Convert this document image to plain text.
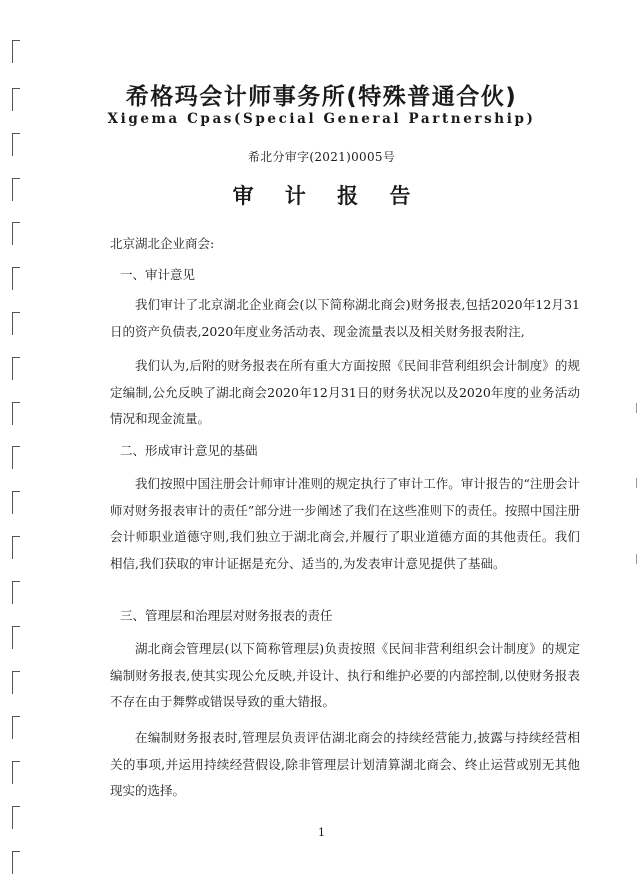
希格玛会计师事务所(特殊普通合伙)
Xigema Cpas(Special General Partnership)
希北分审字(2021)0005号
审 计 报 告
北京湖北企业商会:
一、审计意见

我们审计了北京湖北企业商会(以下简称湖北商会)财务报表,包括2020年12月31日的资产负债表,2020年度业务活动表、现金流量表以及相关财务报表附注,

我们认为,后附的财务报表在所有重大方面按照《民间非营利组织会计制度》的规定编制,公允反映了湖北商会2020年12月31日的财务状况以及2020年度的业务活动情况和现金流量。

二、形成审计意见的基础

我们按照中国注册会计师审计准则的规定执行了审计工作。审计报告的“注册会计师对财务报表审计的责任”部分进一步阐述了我们在这些准则下的责任。按照中国注册会计师职业道德守则,我们独立于湖北商会,并履行了职业道德方面的其他责任。我们相信,我们获取的审计证据是充分、适当的,为发表审计意见提供了基础。

三、管理层和治理层对财务报表的责任

湖北商会管理层(以下简称管理层)负责按照《民间非营利组织会计制度》的规定编制财务报表,使其实现公允反映,并设计、执行和维护必要的内部控制,以使财务报表不存在由于舞弊或错误导致的重大错报。

在编制财务报表时,管理层负责评估湖北商会的持续经营能力,披露与持续经营相关的事项,并运用持续经营假设,除非管理层计划清算湖北商会、终止运营或别无其他现实的选择。

1
